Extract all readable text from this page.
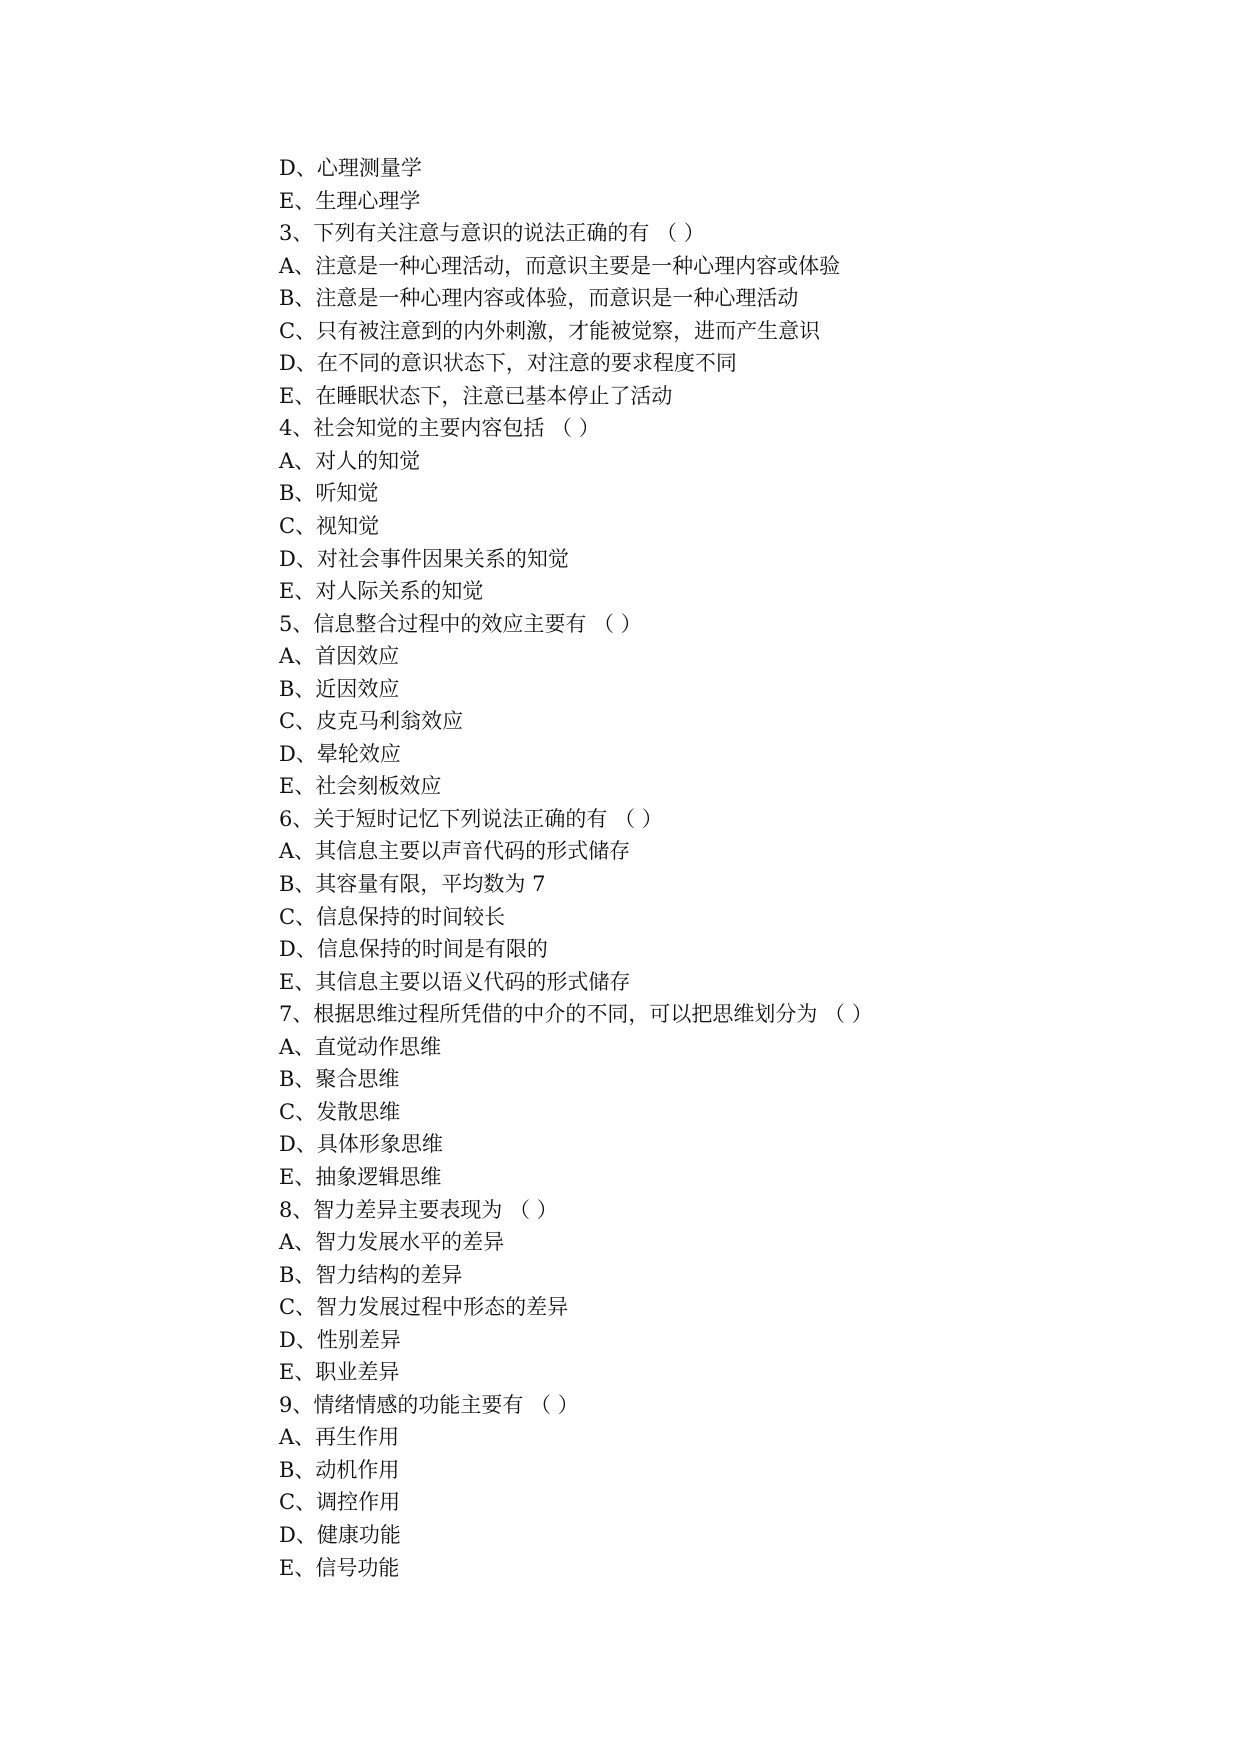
D、心理测量学
E、生理心理学
3、下列有关注意与意识的说法正确的有 （ ）
A、注意是一种心理活动，而意识主要是一种心理内容或体验
B、注意是一种心理内容或体验，而意识是一种心理活动
C、只有被注意到的内外刺激，才能被觉察，进而产生意识
D、在不同的意识状态下，对注意的要求程度不同
E、在睡眠状态下，注意已基本停止了活动
4、社会知觉的主要内容包括 （ ）
A、对人的知觉
B、听知觉
C、视知觉
D、对社会事件因果关系的知觉
E、对人际关系的知觉
5、信息整合过程中的效应主要有 （ ）
A、首因效应
B、近因效应
C、皮克马利翁效应
D、晕轮效应
E、社会刻板效应
6、关于短时记忆下列说法正确的有 （ ）
A、其信息主要以声音代码的形式储存
B、其容量有限，平均数为 7
C、信息保持的时间较长
D、信息保持的时间是有限的
E、其信息主要以语义代码的形式储存
7、根据思维过程所凭借的中介的不同，可以把思维划分为 （ ）
A、直觉动作思维
B、聚合思维
C、发散思维
D、具体形象思维
E、抽象逻辑思维
8、智力差异主要表现为 （ ）
A、智力发展水平的差异
B、智力结构的差异
C、智力发展过程中形态的差异
D、性别差异
E、职业差异
9、情绪情感的功能主要有 （ ）
A、再生作用
B、动机作用
C、调控作用
D、健康功能
E、信号功能
